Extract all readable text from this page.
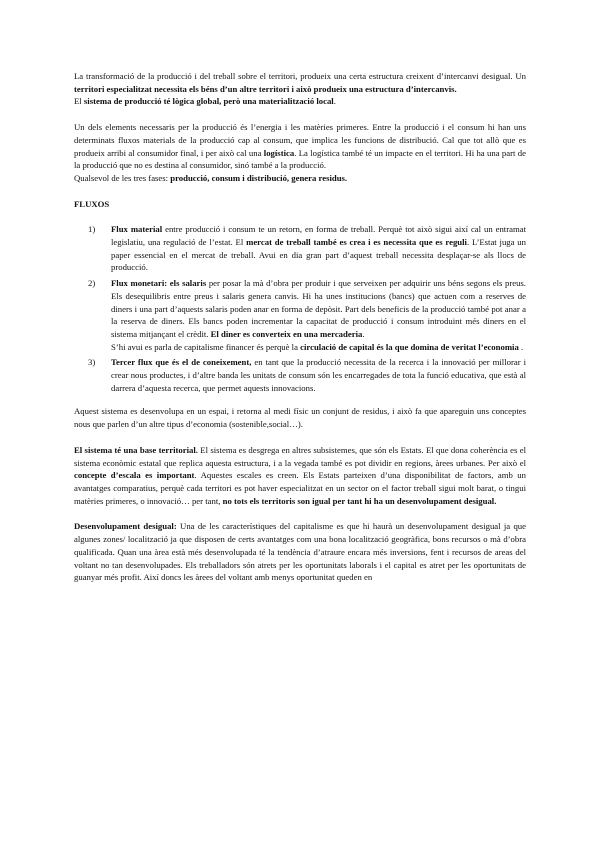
La transformació de la producció i del treball sobre el territori, produeix una certa estructura creixent d’intercanvi desigual. Un territori especialitzat necessita els béns d’un altre territori i això produeix una estructura d’intercanvis.

El sistema de producció té lògica global, però una materialització local.

Un dels elements necessaris per la producció és l’energia i les matèries primeres. Entre la producció i el consum hi han uns determinats fluxos materials de la producció cap al consum, que implica les funcions de distribució. Cal que tot allò que es produeix arribi al consumidor final, i per això cal una logística. La logística també té un impacte en el territori. Hi ha una part de la producció que no es destina al consumidor, sinó també a la producció.

Qualsevol de les tres fases: producció, consum i distribució, genera residus.

FLUXOS

1) Flux material entre producció i consum te un retorn, en forma de treball. Perquè tot això sigui així cal un entramat legislatiu, una regulació de l’estat. El mercat de treball també es crea i es necessita que es reguli. L’Estat juga un paper essencial en el mercat de treball. Avui en dia gran part d’aquest treball necessita desplaçar-se als llocs de producció.

2) Flux monetari: els salaris per posar la mà d’obra per produir i que serveixen per adquirir uns béns segons els preus. Els desequilibris entre preus i salaris genera canvis. Hi ha unes institucions (bancs) que actuen com a reserves de diners i una part d’aquests salaris poden anar en forma de depòsit. Part dels beneficis de la producció també pot anar a la reserva de diners. Els bancs poden incrementar la capacitat de producció i consum introduint més diners en el sistema mitjançant el crèdit. El diner es converteix en una mercaderia.

S’hi avui es parla de capitalisme financer és perquè la circulació de capital és la que domina de veritat l’economia .

3) Tercer flux que és el de coneixement, en tant que la producció necessita de la recerca i la innovació per millorar i crear nous productes, i d’altre banda les unitats de consum són les encarregades de tota la funció educativa, que està al darrera d’aquesta recerca, que permet aquests innovacions.

Aquest sistema es desenvolupa en un espai, i retorna al medi físic un conjunt de residus, i això fa que apareguin uns conceptes nous que parlen d’un altre tipus d’economia (sostenible,social…).

El sistema té una base territorial. El sistema es desgrega en altres subsistemes, que són els Estats. El que dona coherència es el sistema econòmic estatal que replica aquesta estructura, i a la vegada també es pot dividir en regions, àrees urbanes. Per això el concepte d’escala es important. Aquestes escales es creen. Els Estats parteixen d’una disponibilitat de factors, amb un avantatges comparatius, perquè cada territori es pot haver especialitzat en un sector on el factor treball sigui molt barat, o tingui matèries primeres, o innovació… per tant, no tots els territoris son igual per tant hi ha un desenvolupament desigual.

Desenvolupament desigual: Una de les característiques del capitalisme es que hi haurà un desenvolupament desigual ja que algunes zones/ localització ja que disposen de certs avantatges com una bona localització geogràfica, bons recursos o mà d’obra qualificada. Quan una àrea està més desenvolupada té la tendència d’atraure encara més inversions, fent i recursos de areas del voltant no tan desenvolupades. Els treballadors són atrets per les oportunitats laborals i el capital es atret per les oportunitats de guanyar més profit. Així doncs les àrees del voltant amb menys oportunitat queden en
